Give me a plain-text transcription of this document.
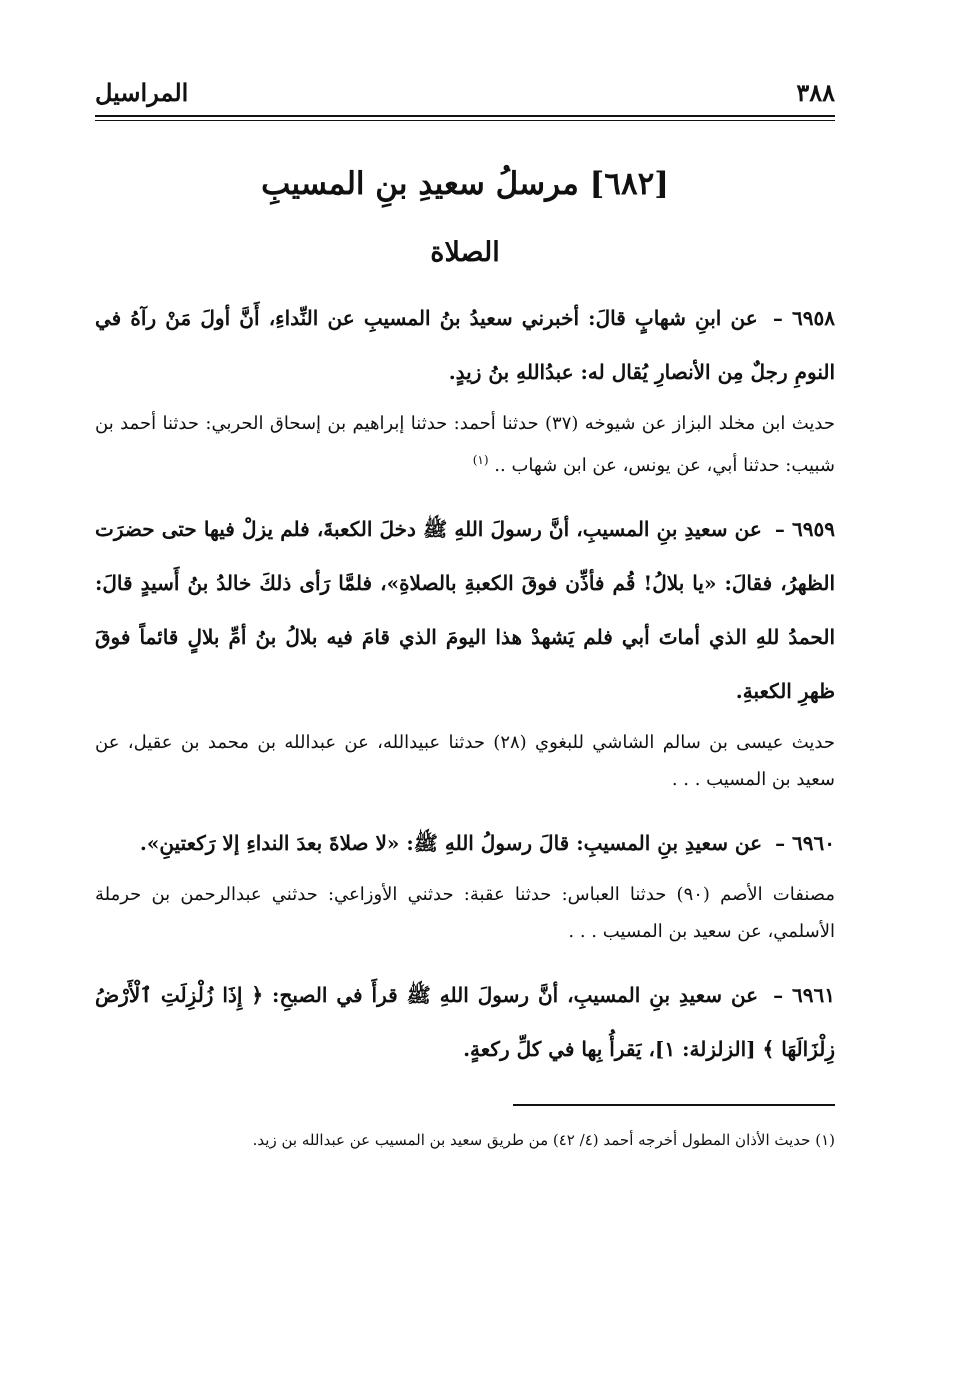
٣٨٨
المراسيل
[٦٨٢] مرسلُ سعيدِ بنِ المسيبِ
الصلاة
٦٩٥٨ – عن ابنِ شهابٍ قالَ: أخبرني سعيدُ بنُ المسيبِ عن النِّداءِ، أَنَّ أولَ مَنْ رآهُ في النومِ رجلٌ مِن الأنصارِ يُقال له: عبدُاللهِ بنُ زيدٍ.
حديث ابن مخلد البزاز عن شيوخه (٣٧) حدثنا أحمد: حدثنا إبراهيم بن إسحاق الحربي: حدثنا أحمد بن شبيب: حدثنا أبي، عن يونس، عن ابن شهاب .. $^{(١)}$
٦٩٥٩ – عن سعيدِ بنِ المسيبِ، أنَّ رسولَ اللهِ ﷺ دخلَ الكعبةَ، فلم يزلْ فيها حتى حضرَت الظهرُ، فقالَ: «يا بلالُ! قُم فأذِّن فوقَ الكعبةِ بالصلاةِ»، فلمَّا رَأى ذلكَ خالدُ بنُ أَسيدٍ قالَ: الحمدُ للهِ الذي أماتَ أبي فلم يَشهدْ هذا اليومَ الذي قامَ فيه بلالُ بنُ أمِّ بلالٍ قائماً فوقَ ظهرِ الكعبةِ.
حديث عيسى بن سالم الشاشي للبغوي (٢٨) حدثنا عبيدالله، عن عبدالله بن محمد بن عقيل، عن سعيد بن المسيب . . .
٦٩٦٠ – عن سعيدِ بنِ المسيبِ: قالَ رسولُ اللهِ ﷺ: «لا صلاةَ بعدَ النداءِ إلا رَكعتينِ».
مصنفات الأصم (٩٠) حدثنا العباس: حدثنا عقبة: حدثني الأوزاعي: حدثني عبدالرحمن بن حرملة الأسلمي، عن سعيد بن المسيب . . .
٦٩٦١ – عن سعيدِ بنِ المسيبِ، أنَّ رسولَ اللهِ ﷺ قرأَ في الصبحِ: ﴿ إِذَا زُلْزِلَتِ ٱلْأَرْضُ زِلْزَالَهَا ﴾ [الزلزلة: ١]، يَقرأُ بِها في كلِّ ركعةٍ.
(١) حديث الأذان المطول أخرجه أحمد (٤/ ٤٢) من طريق سعيد بن المسيب عن عبدالله بن زيد.
